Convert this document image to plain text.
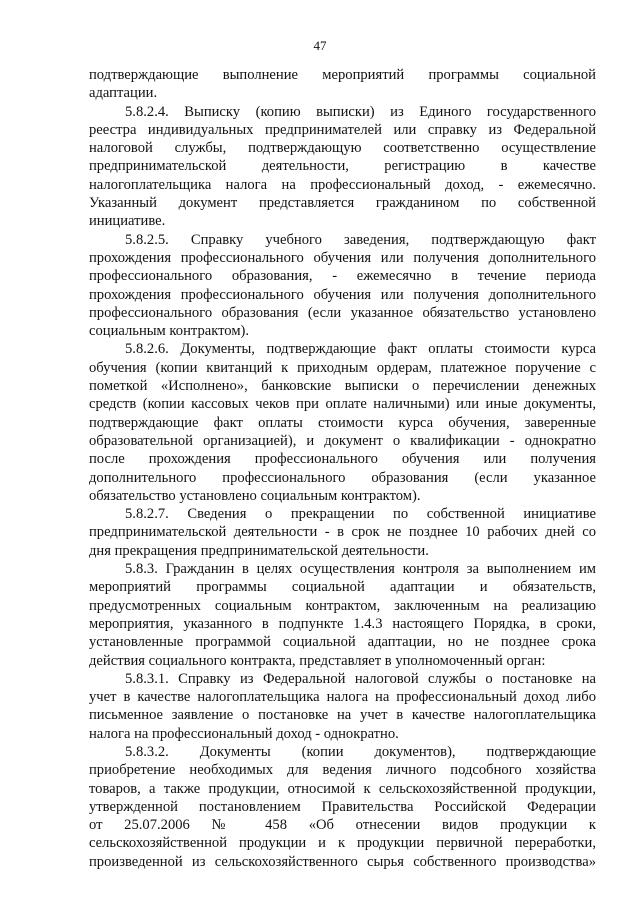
47
подтверждающие выполнение мероприятий программы социальной
адаптации.
5.8.2.4. Выписку (копию выписки) из Единого государственного
реестра индивидуальных предпринимателей или справку из Федеральной
налоговой службы, подтверждающую соответственно осуществление
предпринимательской деятельности, регистрацию в качестве
налогоплательщика налога на профессиональный доход, - ежемесячно.
Указанный документ представляется гражданином по собственной
инициативе.
5.8.2.5. Справку учебного заведения, подтверждающую факт
прохождения профессионального обучения или получения дополнительного
профессионального образования, - ежемесячно в течение периода
прохождения профессионального обучения или получения дополнительного
профессионального образования (если указанное обязательство установлено
социальным контрактом).
5.8.2.6. Документы, подтверждающие факт оплаты стоимости курса
обучения (копии квитанций к приходным ордерам, платежное поручение с
пометкой «Исполнено», банковские выписки о перечислении денежных
средств (копии кассовых чеков при оплате наличными) или иные документы,
подтверждающие факт оплаты стоимости курса обучения, заверенные
образовательной организацией), и документ о квалификации - однократно
после прохождения профессионального обучения или получения
дополнительного профессионального образования (если указанное
обязательство установлено социальным контрактом).
5.8.2.7. Сведения о прекращении по собственной инициативе
предпринимательской деятельности - в срок не позднее 10 рабочих дней со
дня прекращения предпринимательской деятельности.
5.8.3. Гражданин в целях осуществления контроля за выполнением им
мероприятий программы социальной адаптации и обязательств,
предусмотренных социальным контрактом, заключенным на реализацию
мероприятия, указанного в подпункте 1.4.3 настоящего Порядка, в сроки,
установленные программой социальной адаптации, но не позднее срока
действия социального контракта, представляет в уполномоченный орган:
5.8.3.1. Справку из Федеральной налоговой службы о постановке на
учет в качестве налогоплательщика налога на профессиональный доход либо
письменное заявление о постановке на учет в качестве налогоплательщика
налога на профессиональный доход - однократно.
5.8.3.2. Документы (копии документов), подтверждающие
приобретение необходимых для ведения личного подсобного хозяйства
товаров, а также продукции, относимой к сельскохозяйственной продукции,
утвержденной постановлением Правительства Российской Федерации
от 25.07.2006 № 458 «Об отнесении видов продукции к
сельскохозяйственной продукции и к продукции первичной переработки,
произведенной из сельскохозяйственного сырья собственного производства»
